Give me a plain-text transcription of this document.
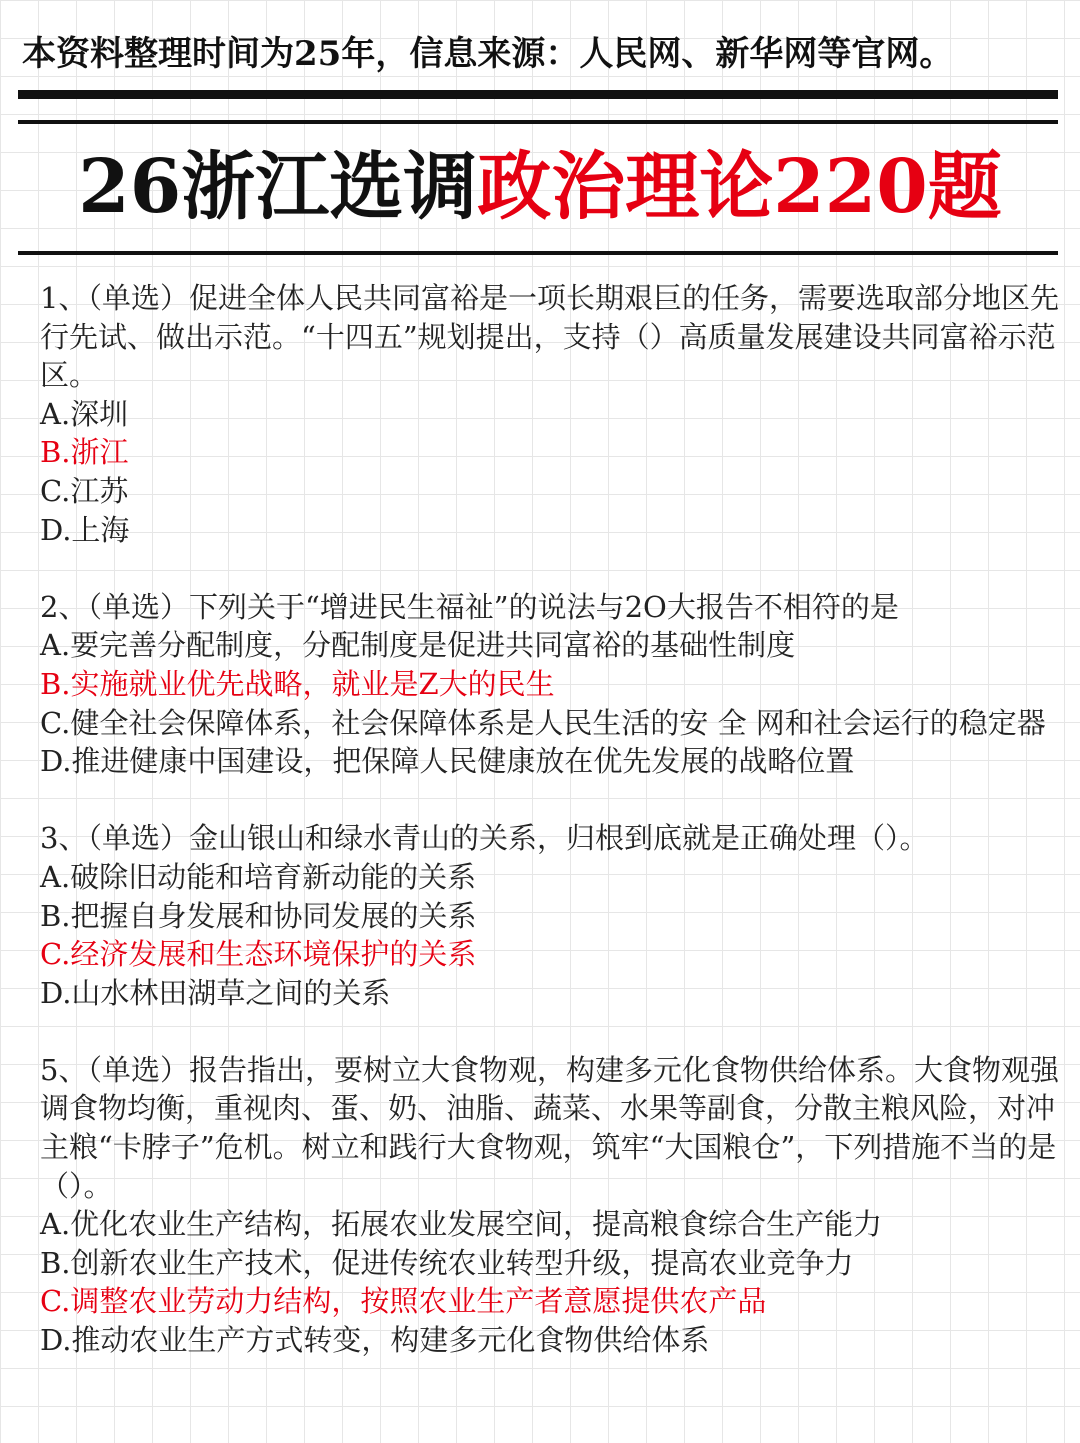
本资料整理时间为25年，信息来源：人民网、新华网等官网。
26浙江选调政治理论220题
1、（单选）促进全体人民共同富裕是一项长期艰巨的任务，需要选取部分地区先行先试、做出示范。“十四五”规划提出，支持（）高质量发展建设共同富裕示范区。
A.深圳
B.浙江
C.江苏
D.上海
2、（单选）下列关于“增进民生福祉”的说法与2O大报告不相符的是
A.要完善分配制度，分配制度是促进共同富裕的基础性制度
B.实施就业优先战略，就业是Z大的民生
C.健全社会保障体系，社会保障体系是人民生活的安 全 网和社会运行的稳定器
D.推进健康中国建设，把保障人民健康放在优先发展的战略位置
3、（单选）金山银山和绿水青山的关系，归根到底就是正确处理（）。
A.破除旧动能和培育新动能的关系
B.把握自身发展和协同发展的关系
C.经济发展和生态环境保护的关系
D.山水林田湖草之间的关系
5、（单选）报告指出，要树立大食物观，构建多元化食物供给体系。大食物观强调食物均衡，重视肉、蛋、奶、油脂、蔬菜、水果等副食，分散主粮风险，对冲主粮“卡脖子”危机。树立和践行大食物观，筑牢“大国粮仓”，下列措施不当的是（）。
A.优化农业生产结构，拓展农业发展空间，提高粮食综合生产能力
B.创新农业生产技术，促进传统农业转型升级，提高农业竞争力
C.调整农业劳动力结构，按照农业生产者意愿提供农产品
D.推动农业生产方式转变，构建多元化食物供给体系
